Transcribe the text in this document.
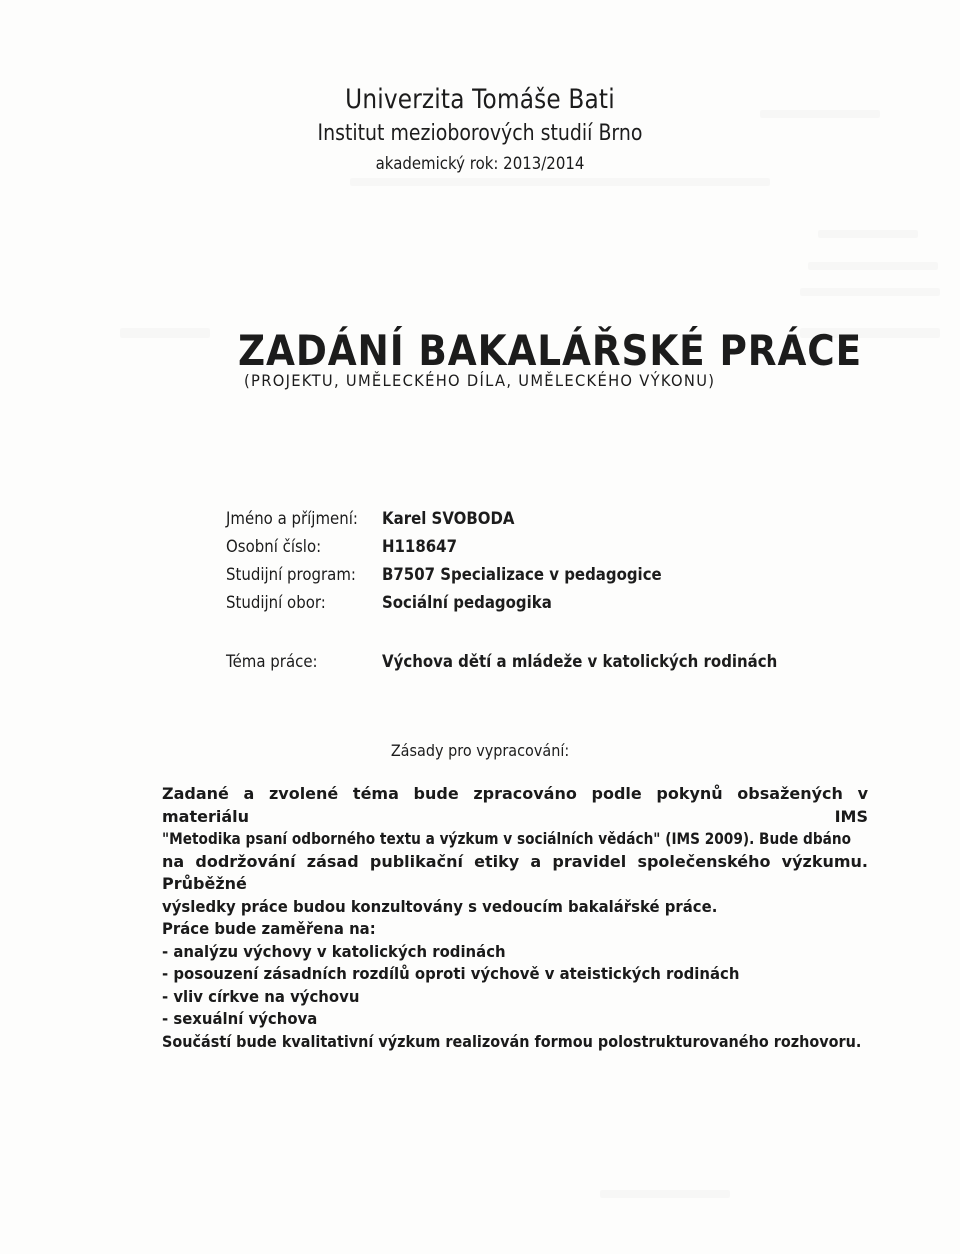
Univerzita Tomáše Bati
Institut mezioborových studií Brno
akademický rok: 2013/2014
ZADÁNÍ BAKALÁŘSKÉ PRÁCE
(PROJEKTU, UMĚLECKÉHO DÍLA, UMĚLECKÉHO VÝKONU)
Jméno a příjmení: Karel SVOBODA
Osobní číslo:	H118647
Studijní program: B7507 Specializace v pedagogice
Studijní obor:	Sociální pedagogika
Téma práce:	Výchova dětí a mládeže v katolických rodinách
Zásady pro vypracování:
Zadané a zvolené téma bude zpracováno podle pokynů obsažených v materiálu IMS
"Metodika psaní odborného textu a výzkum v sociálních vědách" (IMS 2009). Bude dbáno
na dodržování zásad publikační etiky a pravidel společenského výzkumu. Průběžné
výsledky práce budou konzultovány s vedoucím bakalářské práce.
Práce bude zaměřena na:
- analýzu výchovy v katolických rodinách
- posouzení zásadních rozdílů oproti výchově v ateistických rodinách
- vliv církve na výchovu
- sexuální výchova
Součástí bude kvalitativní výzkum realizován formou polostrukturovaného rozhovoru.
